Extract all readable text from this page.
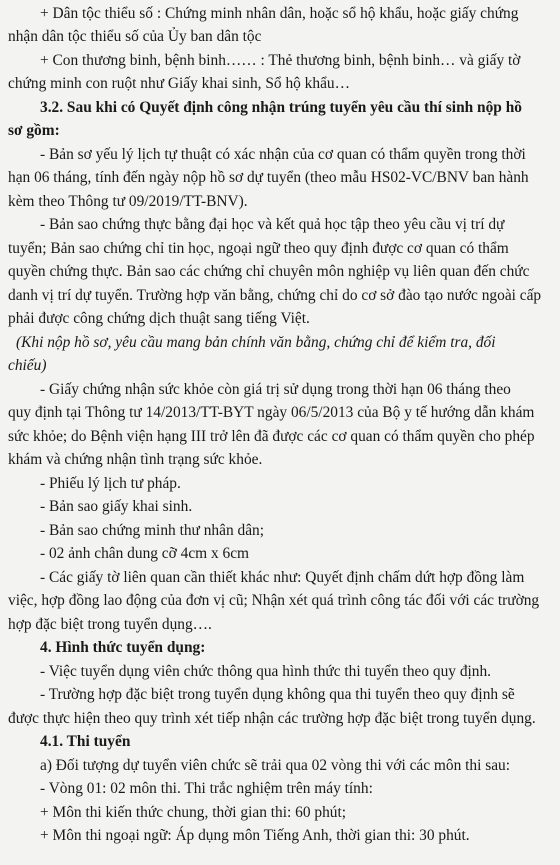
+ Dân tộc thiểu số : Chứng minh nhân dân, hoặc sổ hộ khẩu, hoặc giấy chứng
nhận dân tộc thiểu số của Ủy ban dân tộc
+ Con thương binh, bệnh binh…… : Thẻ thương binh, bệnh binh… và giấy tờ
chứng minh con ruột như Giấy khai sinh, Sổ hộ khẩu…
3.2. Sau khi có Quyết định công nhận trúng tuyển yêu cầu thí sinh nộp hồ
sơ gồm:
- Bản sơ yếu lý lịch tự thuật có xác nhận của cơ quan có thẩm quyền trong thời
hạn 06 tháng, tính đến ngày nộp hồ sơ dự tuyển (theo mẫu HS02-VC/BNV ban hành
kèm theo Thông tư 09/2019/TT-BNV).
- Bản sao chứng thực bằng đại học và kết quả học tập theo yêu cầu vị trí dự
tuyển; Bản sao chứng chỉ tin học, ngoại ngữ theo quy định được cơ quan có thẩm
quyền chứng thực. Bản sao các chứng chỉ chuyên môn nghiệp vụ liên quan đến chức
danh vị trí dự tuyển. Trường hợp văn bằng, chứng chỉ do cơ sở đào tạo nước ngoài cấp
phải được công chứng dịch thuật sang tiếng Việt.
(Khi nộp hồ sơ, yêu cầu mang bản chính văn bằng, chứng chỉ để kiểm tra, đối
chiếu)
- Giấy chứng nhận sức khỏe còn giá trị sử dụng trong thời hạn 06 tháng theo
quy định tại Thông tư 14/2013/TT-BYT ngày 06/5/2013 của Bộ y tế hướng dẫn khám
sức khỏe; do Bệnh viện hạng III trở lên đã được các cơ quan có thẩm quyền cho phép
khám và chứng nhận tình trạng sức khỏe.
- Phiếu lý lịch tư pháp.
- Bản sao giấy khai sinh.
- Bản sao chứng minh thư nhân dân;
- 02 ảnh chân dung cỡ 4cm x 6cm
- Các giấy tờ liên quan cần thiết khác như: Quyết định chấm dứt hợp đồng làm
việc, hợp đồng lao động của đơn vị cũ; Nhận xét quá trình công tác đối với các trường
hợp đặc biệt trong tuyển dụng….
4. Hình thức tuyển dụng:
- Việc tuyển dụng viên chức thông qua hình thức thi tuyển theo quy định.
- Trường hợp đặc biệt trong tuyển dụng không qua thi tuyển theo quy định sẽ
được thực hiện theo quy trình xét tiếp nhận các trường hợp đặc biệt trong tuyển dụng.
4.1. Thi tuyển
a) Đối tượng dự tuyển viên chức sẽ trải qua 02 vòng thi với các môn thi sau:
- Vòng 01: 02 môn thi. Thi trắc nghiệm trên máy tính:
+ Môn thi kiến thức chung, thời gian thi: 60 phút;
+ Môn thi ngoại ngữ: Áp dụng môn Tiếng Anh, thời gian thi: 30 phút.
